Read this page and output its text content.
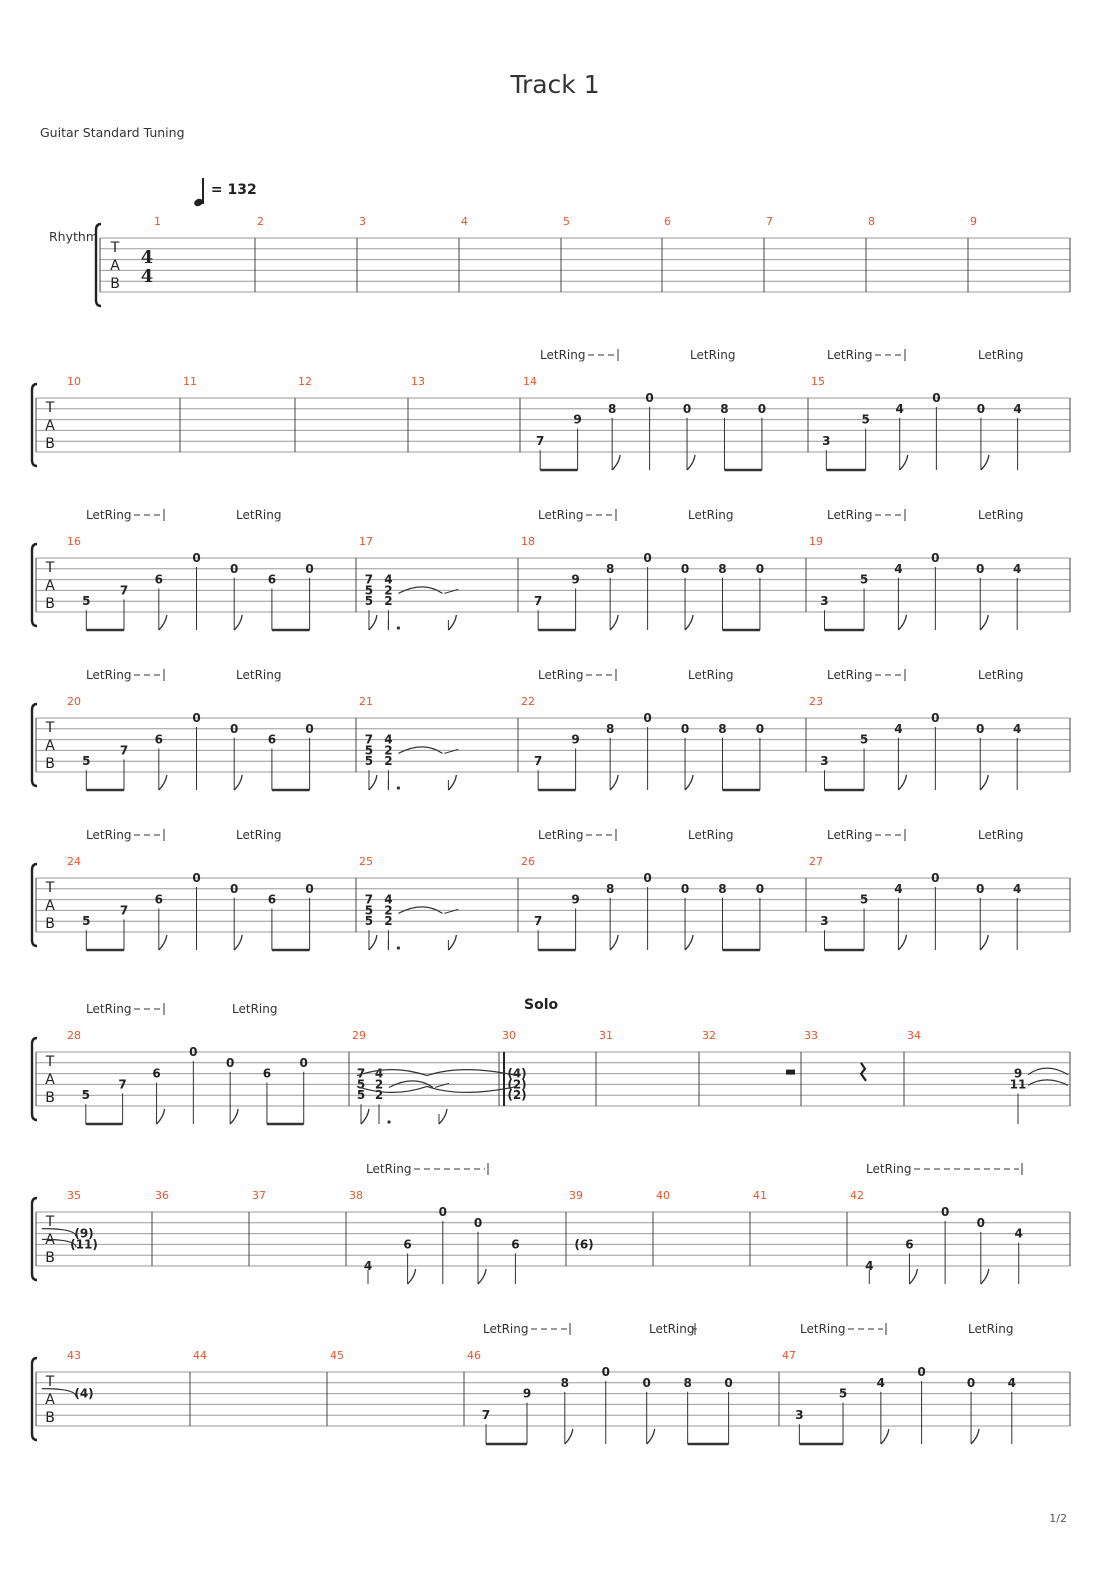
Track 1
Guitar Standard Tuning
= 132
Rhythm
Solo
1/2
T
A
B
4
4
1	2	3	4	5	6	7	8	9
T
A
B
LetRing	LetRing	LetRing	LetRing
10	11	12	13	14
7
9
8
0
0 8 0
15
3
5
4
0
0 4
T
A
B
LetRing	LetRing	LetRing	LetRing	LetRing	LetRing
16
5
7
6
0
0
6
0
17
7
5
5
4
2
2
18
7
9
8
0
0 8 0
19
3
5
4
0
0 4
T
A
B
LetRing	LetRing	LetRing	LetRing	LetRing	LetRing
20
5
7
6
0
0
6
0
21
7
5
5
4
2
2
22
7
9
8
0
0 8 0
23
3
5
4
0
0 4
T
A
B
LetRing	LetRing	LetRing	LetRing	LetRing	LetRing
24
5
7
6
0
0
6
0
25
7
5
5
4
2
2
26
7
9
8
0
0 8 0
27
3
5
4
0
0 4
T
A
B
LetRing	LetRing
28
5
7
6
0
0
6
0
29
7
5
5
4
2
2
30
(4)
(2)
(2)
31	32	33	34
9
11
T
A
B
LetRing	LetRing
35
(9)
(11)
36	37	38
4
6
0
0
6
39
(6)
40	41	42
4
6
0
0
4
T
A
B
LetRing	LetRing	LetRing	LetRing
43
(4)
44	45	46
7
9
8
0
0	8	0
47
3
5
4
0
0	4
